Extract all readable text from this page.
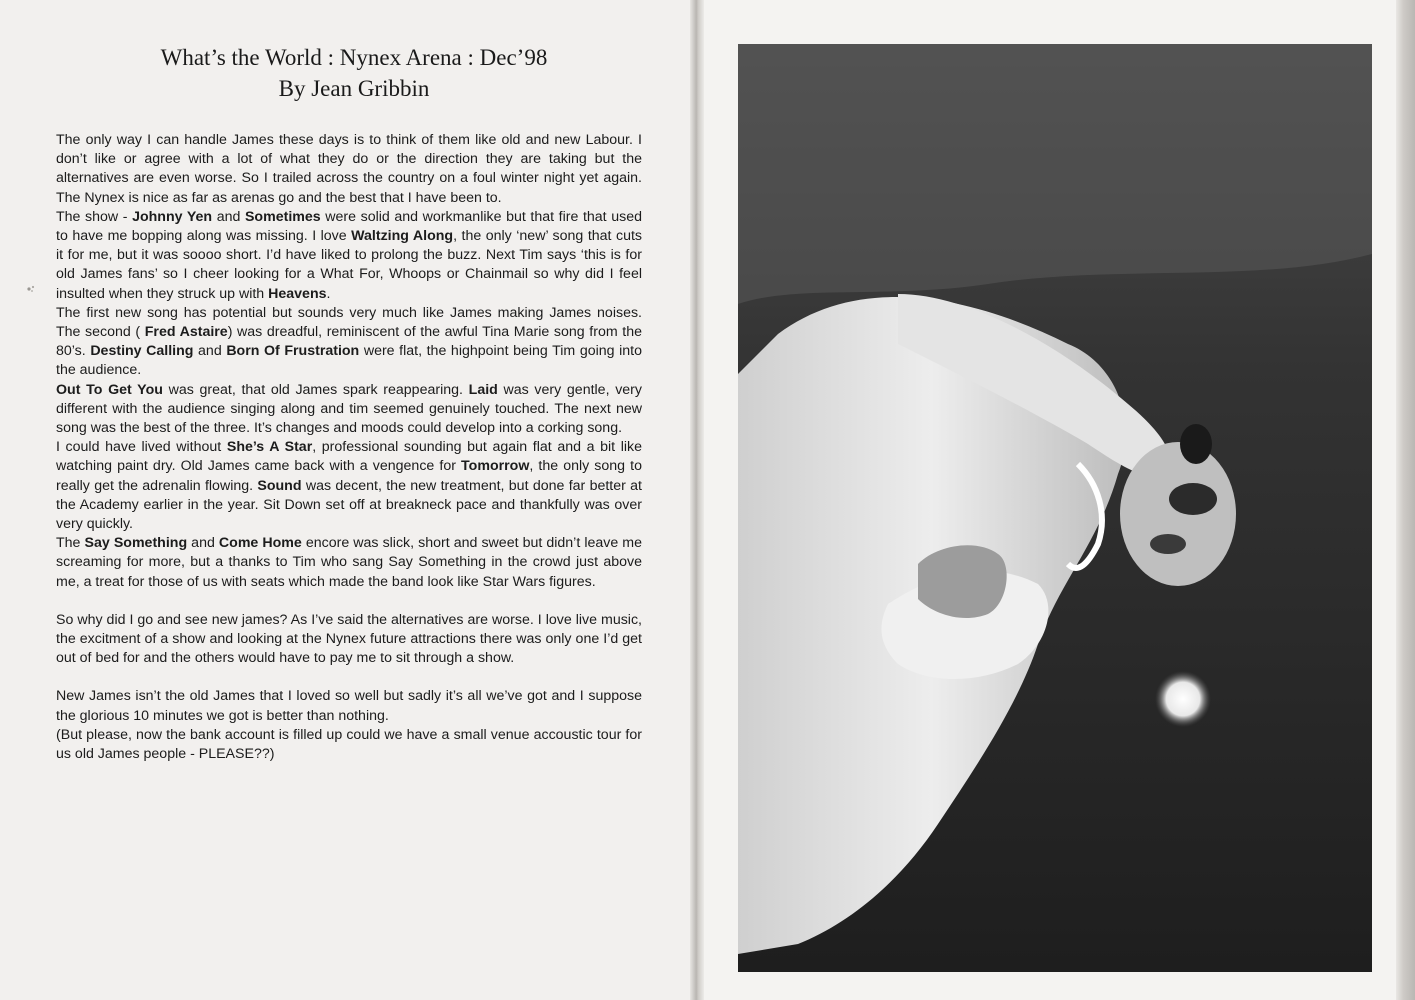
What’s the World : Nynex Arena : Dec’98
By Jean Gribbin

The only way I can handle James these days is to think of them like old and new Labour. I don’t like or agree with a lot of what they do or the direction they are taking but the alternatives are even worse. So I trailed across the country on a foul winter night yet again. The Nynex is nice as far as arenas go and the best that I have been to.

The show - Johnny Yen and Sometimes were solid and workmanlike but that fire that used to have me bopping along was missing. I love Waltzing Along, the only ‘new’ song that cuts it for me, but it was soooo short. I’d have liked to prolong the buzz. Next Tim says ‘this is for old James fans’ so I cheer looking for a What For, Whoops or Chainmail so why did I feel insulted when they struck up with Heavens.

The first new song has potential but sounds very much like James making James noises. The second ( Fred Astaire) was dreadful, reminiscent of the awful Tina Marie song from the 80’s. Destiny Calling and Born Of Frustration were flat, the highpoint being Tim going into the audience.

Out To Get You was great, that old James spark reappearing. Laid was very gentle, very different with the audience singing along and tim seemed genuinely touched. The next new song was the best of the three. It’s changes and moods could develop into a corking song.

I could have lived without She’s A Star, professional sounding but again flat and a bit like watching paint dry. Old James came back with a vengence for Tomorrow, the only song to really get the adrenalin flowing. Sound was decent, the new treatment, but done far better at the Academy earlier in the year. Sit Down set off at breakneck pace and thankfully was over very quickly.

The Say Something and Come Home encore was slick, short and sweet but didn’t leave me screaming for more, but a thanks to Tim who sang Say Something in the crowd just above me, a treat for those of us with seats which made the band look like Star Wars figures.

So why did I go and see new james? As I’ve said the alternatives are worse. I love live music, the excitment of a show and looking at the Nynex future attractions there was only one I’d get out of bed for and the others would have to pay me to sit through a show.

New James isn’t the old James that I loved so well but sadly it’s all we’ve got and I suppose the glorious 10 minutes we got is better than nothing.

(But please, now the bank account is filled up could we have a small venue accoustic tour for us old James people - PLEASE??)
